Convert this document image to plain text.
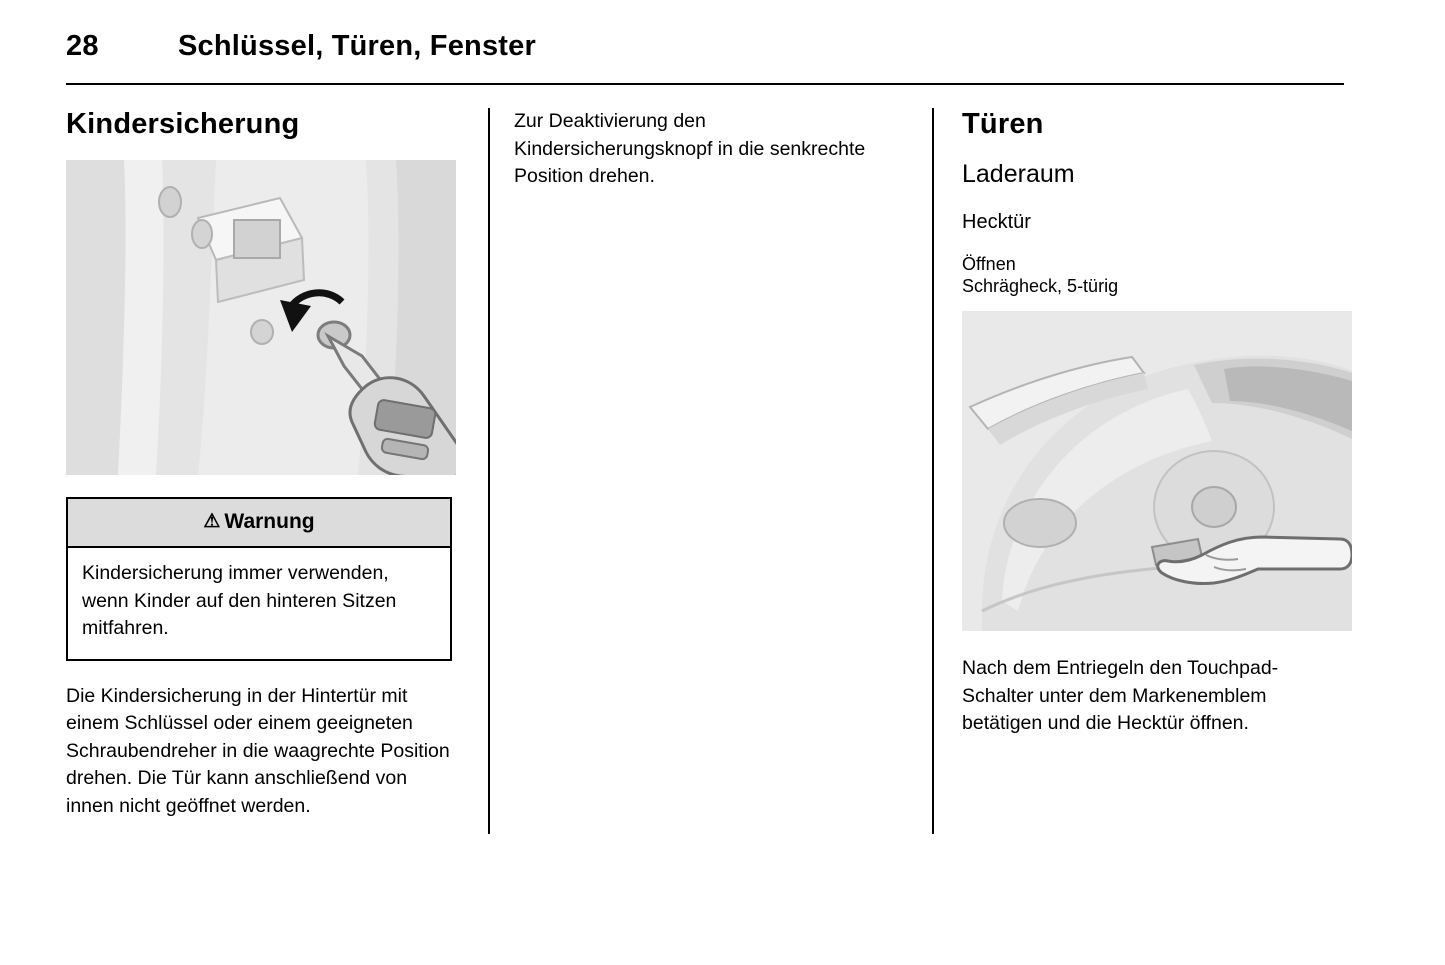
28	Schlüssel, Türen, Fenster
Kindersicherung
⚠ Warnung
Kindersicherung immer verwenden, wenn Kinder auf den hinteren Sitzen mitfahren.

Die Kindersicherung in der Hintertür mit einem Schlüssel oder einem geeigneten Schraubendreher in die waagrechte Position drehen. Die Tür kann anschließend von innen nicht geöffnet werden.

Zur Deaktivierung den Kindersicherungsknopf in die senkrechte Position drehen.

Türen
Laderaum
Hecktür
Öffnen
Schrägheck, 5-türig

Nach dem Entriegeln den Touchpad-Schalter unter dem Markenemblem betätigen und die Hecktür öffnen.
